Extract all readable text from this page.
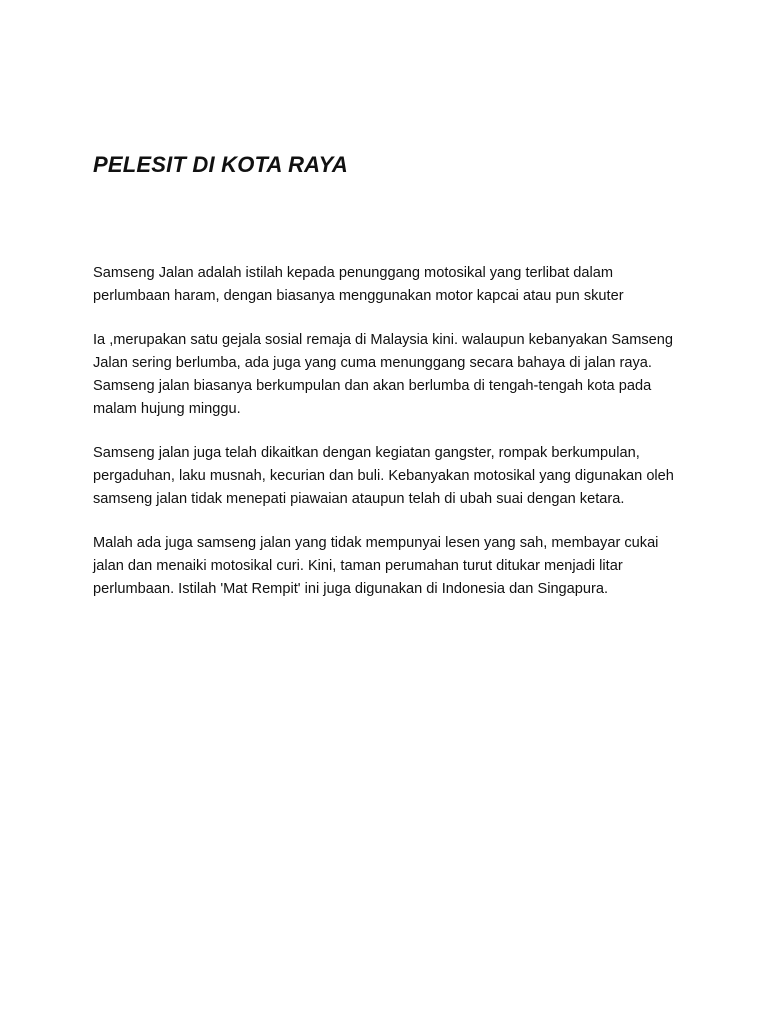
PELESIT DI KOTA RAYA

Samseng Jalan adalah istilah kepada penunggang motosikal yang terlibat dalam perlumbaan haram, dengan biasanya menggunakan motor kapcai atau pun skuter

Ia ,merupakan satu gejala sosial remaja di Malaysia kini. walaupun kebanyakan Samseng Jalan sering berlumba, ada juga yang cuma menunggang secara bahaya di jalan raya. Samseng jalan biasanya berkumpulan dan akan berlumba di tengah-tengah kota pada malam hujung minggu.

Samseng jalan juga telah dikaitkan dengan kegiatan gangster, rompak berkumpulan, pergaduhan, laku musnah, kecurian dan buli. Kebanyakan motosikal yang digunakan oleh samseng jalan tidak menepati piawaian ataupun telah di ubah suai dengan ketara.

Malah ada juga samseng jalan yang tidak mempunyai lesen yang sah, membayar cukai jalan dan menaiki motosikal curi. Kini, taman perumahan turut ditukar menjadi litar perlumbaan. Istilah 'Mat Rempit' ini juga digunakan di Indonesia dan Singapura.
